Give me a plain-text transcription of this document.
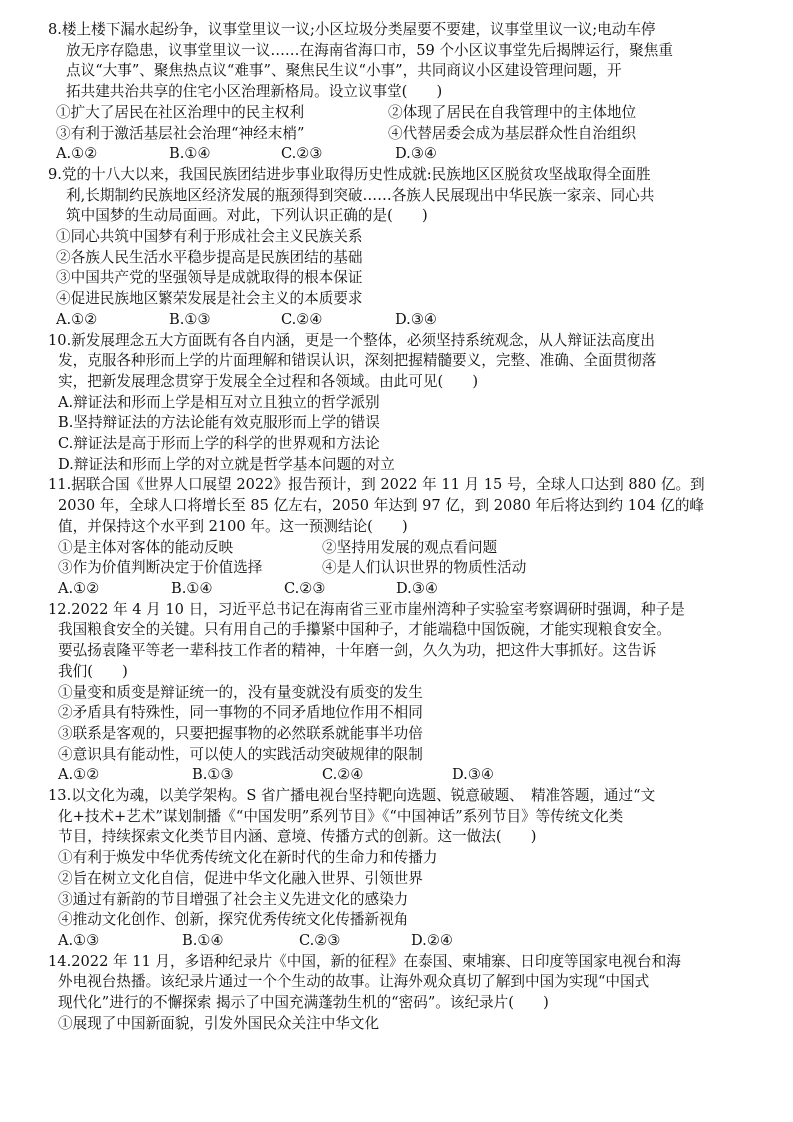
8.楼上楼下漏水起纷争，议事堂里议一议;小区垃圾分类屋要不要建，议事堂里议一议;电动车停
放无序存隐患，议事堂里议一议……在海南省海口市，59 个小区议事堂先后揭牌运行，聚焦重
点议“大事”、聚焦热点议“难事”、聚焦民生议“小事”，共同商议小区建设管理问题，开
拓共建共治共享的住宅小区治理新格局。设立议事堂(　　)
①扩大了居民在社区治理中的民主权利	②体现了居民在自我管理中的主体地位
③有利于激活基层社会治理“神经末梢”	④代替居委会成为基层群众性自治组织
A.①②	B.①④	C.②③	D.③④
9.党的十八大以来，我国民族团结进步事业取得历史性成就:民族地区区脱贫攻坚战取得全面胜
利,长期制约民族地区经济发展的瓶颈得到突破……各族人民展现出中华民族一家亲、同心共
筑中国梦的生动局面画。对此，下列认识正确的是(　　)
①同心共筑中国梦有利于形成社会主义民族关系
②各族人民生活水平稳步提高是民族团结的基础
③中国共产党的坚强领导是成就取得的根本保证
④促进民族地区繁荣发展是社会主义的本质要求
A.①②	B.①③	C.②④	D.③④
10.新发展理念五大方面既有各自内涵，更是一个整体，必须坚持系统观念，从人辩证法高度出
发，克服各种形而上学的片面理解和错误认识，深刻把握精髓要义，完整、准确、全面贯彻落
实，把新发展理念贯穿于发展全全过程和各领域。由此可见(　　)
A.辩证法和形而上学是相互对立且独立的哲学派别
B.坚持辩证法的方法论能有效克服形而上学的错误
C.辩证法是高于形而上学的科学的世界观和方法论
D.辩证法和形而上学的对立就是哲学基本问题的对立
11.据联合国《世界人口展望 2022》报告预计，到 2022 年 11 月 15 号，全球人口达到 880 亿。到
2030 年，全球人口将增长至 85 亿左右，2050 年达到 97 亿，到 2080 年后将达到约 104 亿的峰
值，并保持这个水平到 2100 年。这一预测结论(　　)
①是主体对客体的能动反映	②坚持用发展的观点看问题
③作为价值判断决定于价值选择	④是人们认识世界的物质性活动
A.①②	B.①④	C.②③	D.③④
12.2022 年 4 月 10 日，习近平总书记在海南省三亚市崖州湾种子实验室考察调研时强调，种子是
我国粮食安全的关键。只有用自己的手攥紧中国种子，才能端稳中国饭碗，才能实现粮食安全。
要弘扬袁隆平等老一辈科技工作者的精神，十年磨一剑，久久为功，把这件大事抓好。这告诉
我们(　　)
①量变和质变是辩证统一的，没有量变就没有质变的发生
②矛盾具有特殊性，同一事物的不同矛盾地位作用不相同
③联系是客观的，只要把握事物的必然联系就能事半功倍
④意识具有能动性，可以使人的实践活动突破规律的限制
A.①②	B.①③	C.②④	D.③④
13.以文化为魂，以美学架构。S 省广播电视台坚持靶向选题、锐意破题、　精准答题，通过“文
化+技术+艺术”谋划制播《“中国发明”系列节目》《“中国神话”系列节目》等传统文化类
节目，持续探索文化类节目内涵、意境、传播方式的创新。这一做法(　　)
①有利于焕发中华优秀传统文化在新时代的生命力和传播力
②旨在树立文化自信，促进中华文化融入世界、引领世界
③通过有新韵的节目增强了社会主义先进文化的感染力
④推动文化创作、创新，探究优秀传统文化传播新视角
A.①③	B.①④	C.②③	D.②④
14.2022 年 11 月，多语种纪录片《中国，新的征程》在泰国、柬埔寨、日印度等国家电视台和海
外电视台热播。该纪录片通过一个个生动的故事。让海外观众真切了解到中国为实现“中国式
现代化”进行的不懈探索 揭示了中国充满蓬勃生机的“密码”。该纪录片(　　)
①展现了中国新面貌，引发外国民众关注中华文化
